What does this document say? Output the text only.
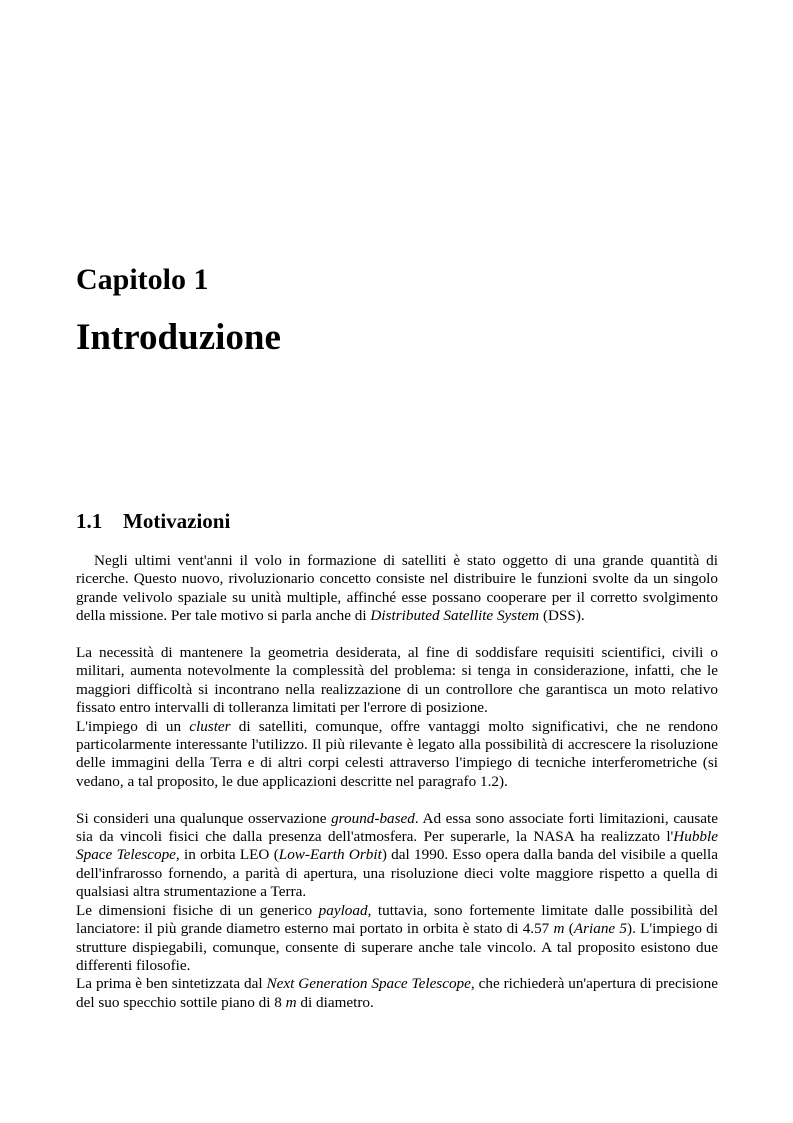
Capitolo 1
Introduzione
1.1 Motivazioni

Negli ultimi vent'anni il volo in formazione di satelliti è stato oggetto di una grande quantità di ricerche. Questo nuovo, rivoluzionario concetto consiste nel distribuire le funzioni svolte da un singolo grande velivolo spaziale su unità multiple, affinché esse possano cooperare per il corretto svolgimento della missione. Per tale motivo si parla anche di Distributed Satellite System (DSS).

La necessità di mantenere la geometria desiderata, al fine di soddisfare requisiti scientifici, civili o militari, aumenta notevolmente la complessità del problema: si tenga in considerazione, infatti, che le maggiori difficoltà si incontrano nella realizzazione di un controllore che garantisca un moto relativo fissato entro intervalli di tolleranza limitati per l'errore di posizione.

L'impiego di un cluster di satelliti, comunque, offre vantaggi molto significativi, che ne rendono particolarmente interessante l'utilizzo. Il più rilevante è legato alla possibilità di accrescere la risoluzione delle immagini della Terra e di altri corpi celesti attraverso l'impiego di tecniche interferometriche (si vedano, a tal proposito, le due applicazioni descritte nel paragrafo 1.2).

Si consideri una qualunque osservazione ground-based. Ad essa sono associate forti limitazioni, causate sia da vincoli fisici che dalla presenza dell'atmosfera. Per superarle, la NASA ha realizzato l'Hubble Space Telescope, in orbita LEO (Low-Earth Orbit) dal 1990. Esso opera dalla banda del visibile a quella dell'infrarosso fornendo, a parità di apertura, una risoluzione dieci volte maggiore rispetto a quella di qualsiasi altra strumentazione a Terra.

Le dimensioni fisiche di un generico payload, tuttavia, sono fortemente limitate dalle possibilità del lanciatore: il più grande diametro esterno mai portato in orbita è stato di 4.57 m (Ariane 5). L'impiego di strutture dispiegabili, comunque, consente di superare anche tale vincolo. A tal proposito esistono due differenti filosofie.

La prima è ben sintetizzata dal Next Generation Space Telescope, che richiederà un'apertura di precisione del suo specchio sottile piano di 8 m di diametro.
